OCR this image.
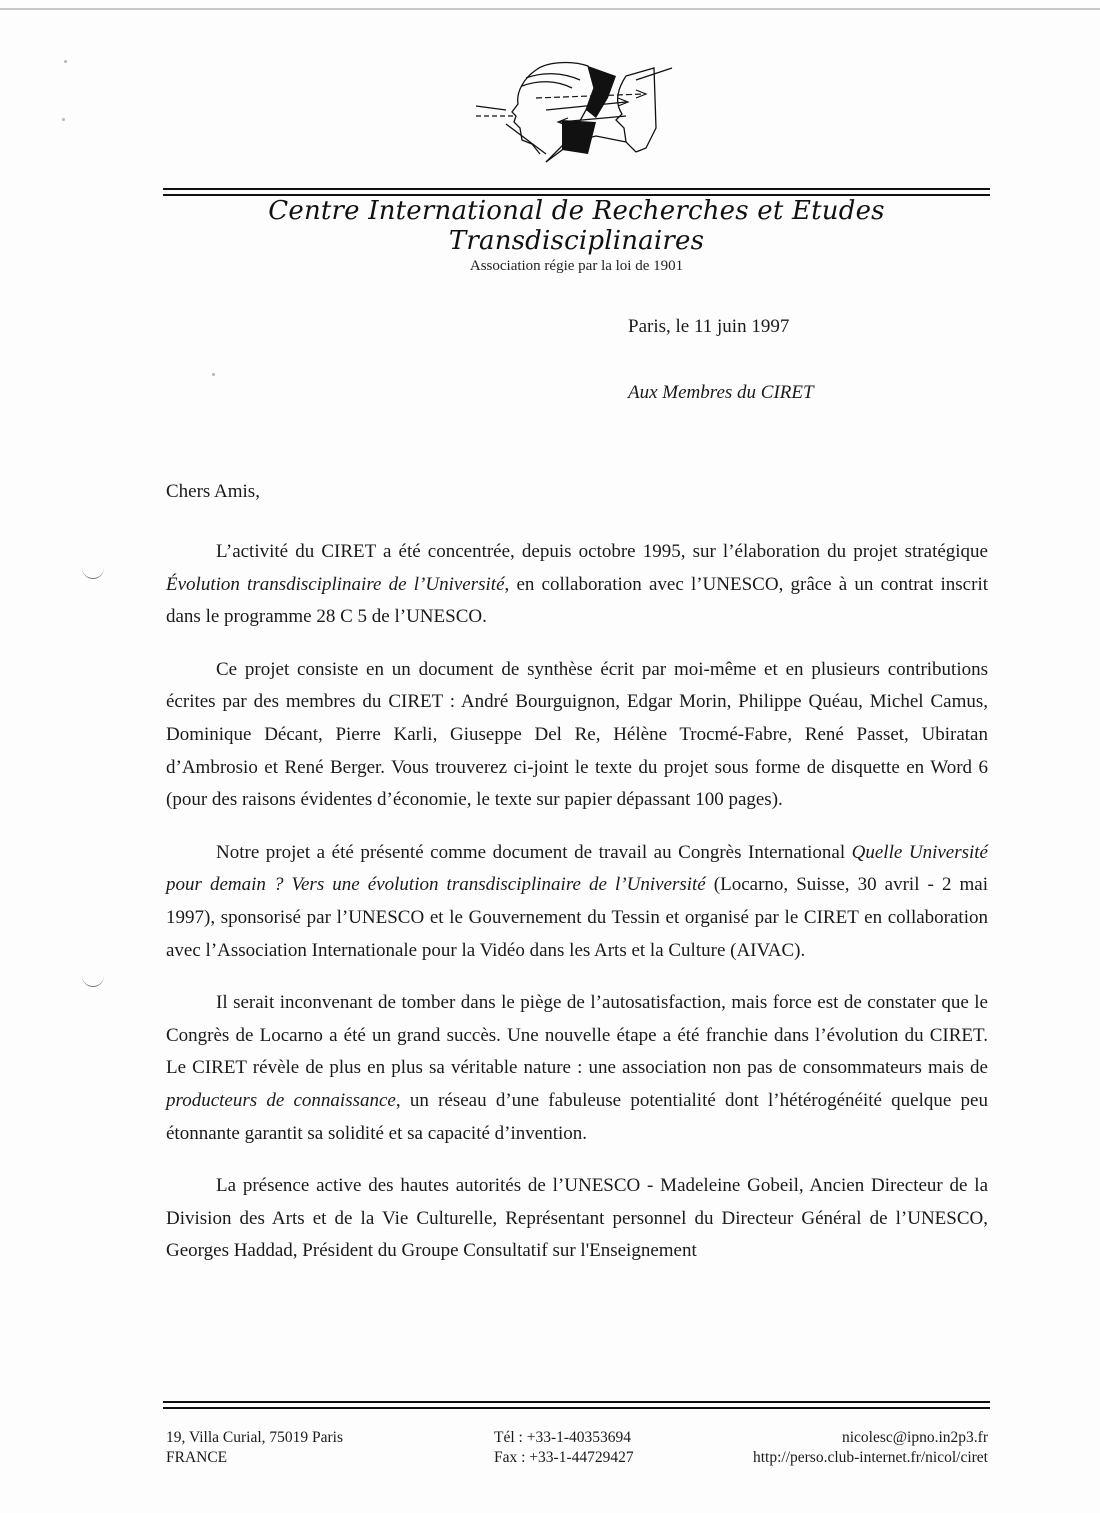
Centre International de Recherches et Etudes Transdisciplinaires
Association régie par la loi de 1901
Paris, le 11 juin 1997
Aux Membres du CIRET
Chers Amis,

L’activité du CIRET a été concentrée, depuis octobre 1995, sur l’élaboration du projet stratégique Évolution transdisciplinaire de l’Université, en collaboration avec l’UNESCO, grâce à un contrat inscrit dans le programme 28 C 5 de l’UNESCO.

Ce projet consiste en un document de synthèse écrit par moi-même et en plusieurs contributions écrites par des membres du CIRET : André Bourguignon, Edgar Morin, Philippe Quéau, Michel Camus, Dominique Décant, Pierre Karli, Giuseppe Del Re, Hélène Trocmé-Fabre, René Passet, Ubiratan d’Ambrosio et René Berger. Vous trouverez ci-joint le texte du projet sous forme de disquette en Word 6 (pour des raisons évidentes d’économie, le texte sur papier dépassant 100 pages).

Notre projet a été présenté comme document de travail au Congrès International Quelle Université pour demain ? Vers une évolution transdisciplinaire de l’Université (Locarno, Suisse, 30 avril - 2 mai 1997), sponsorisé par l’UNESCO et le Gouvernement du Tessin et organisé par le CIRET en collaboration avec l’Association Internationale pour la Vidéo dans les Arts et la Culture (AIVAC).

Il serait inconvenant de tomber dans le piège de l’autosatisfaction, mais force est de constater que le Congrès de Locarno a été un grand succès. Une nouvelle étape a été franchie dans l’évolution du CIRET. Le CIRET révèle de plus en plus sa véritable nature : une association non pas de consommateurs mais de producteurs de connaissance, un réseau d’une fabuleuse potentialité dont l’hétérogénéité quelque peu étonnante garantit sa solidité et sa capacité d’invention.

La présence active des hautes autorités de l’UNESCO - Madeleine Gobeil, Ancien Directeur de la Division des Arts et de la Vie Culturelle, Représentant personnel du Directeur Général de l’UNESCO, Georges Haddad, Président du Groupe Consultatif sur l'Enseignement

19, Villa Curial, 75019 Paris
FRANCE
Tél : +33-1-40353694
Fax : +33-1-44729427
nicolesc@ipno.in2p3.fr
http://perso.club-internet.fr/nicol/ciret
